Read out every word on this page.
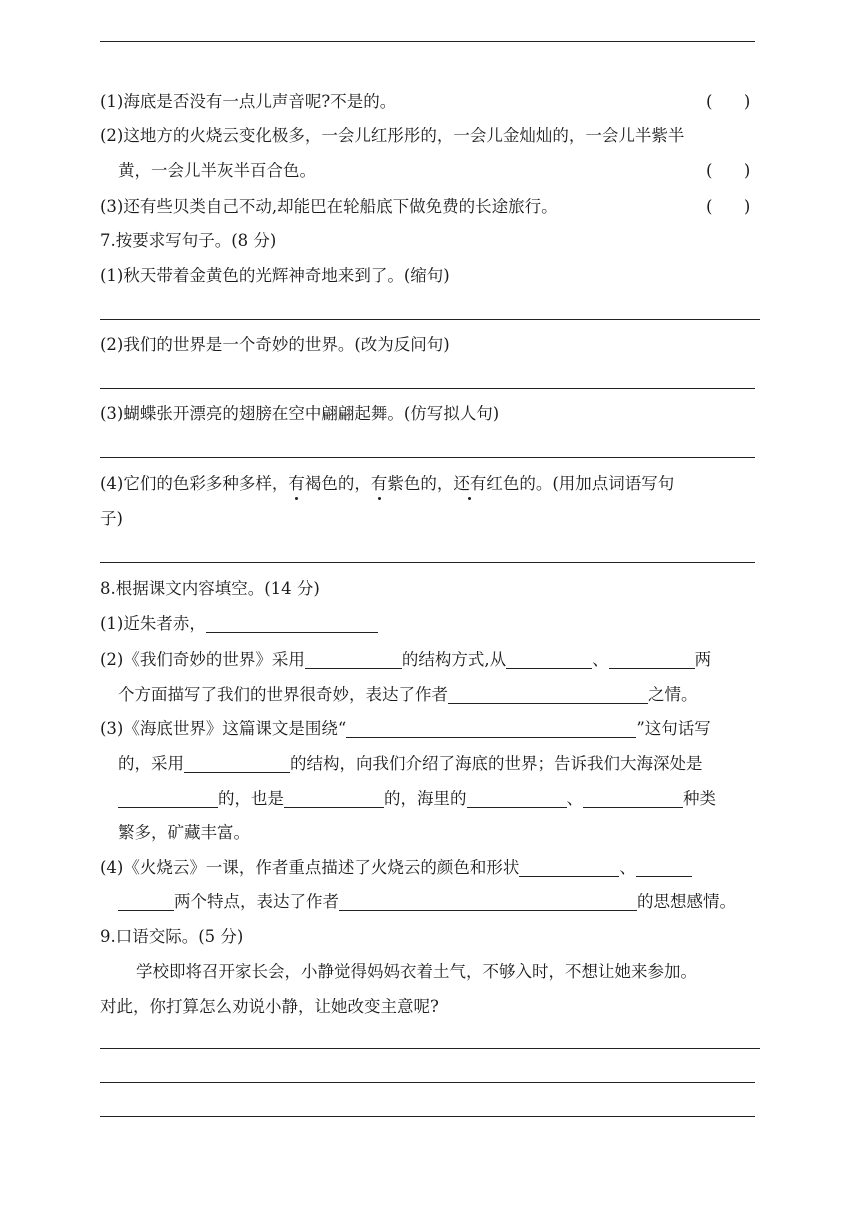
(1)海底是否没有一点儿声音呢?不是的。	(      )
(2)这地方的火烧云变化极多，一会儿红彤彤的，一会儿金灿灿的，一会儿半紫半
黄，一会儿半灰半百合色。	(      )
(3)还有些贝类自己不动,却能巴在轮船底下做免费的长途旅行。	(      )
7.按要求写句子。(8 分)
(1)秋天带着金黄色的光辉神奇地来到了。(缩句)
(2)我们的世界是一个奇妙的世界。(改为反问句)
(3)蝴蝶张开漂亮的翅膀在空中翩翩起舞。(仿写拟人句)
(4)它们的色彩多种多样，有褐色的，有紫色的，还有红色的。(用加点词语写句
子)
8.根据课文内容填空。(14 分)
(1)近朱者赤，
(2)《我们奇妙的世界》采用	的结构方式,从	、	两
个方面描写了我们的世界很奇妙，表达了作者	之情。
(3)《海底世界》这篇课文是围绕“	”这句话写
的，采用	的结构，向我们介绍了海底的世界；告诉我们大海深处是
的，也是	的，海里的	、	种类
繁多，矿藏丰富。
(4)《火烧云》一课，作者重点描述了火烧云的颜色和形状	、
两个特点，表达了作者	的思想感情。
9.口语交际。(5 分)
学校即将召开家长会，小静觉得妈妈衣着土气，不够入时，不想让她来参加。
对此，你打算怎么劝说小静，让她改变主意呢?
